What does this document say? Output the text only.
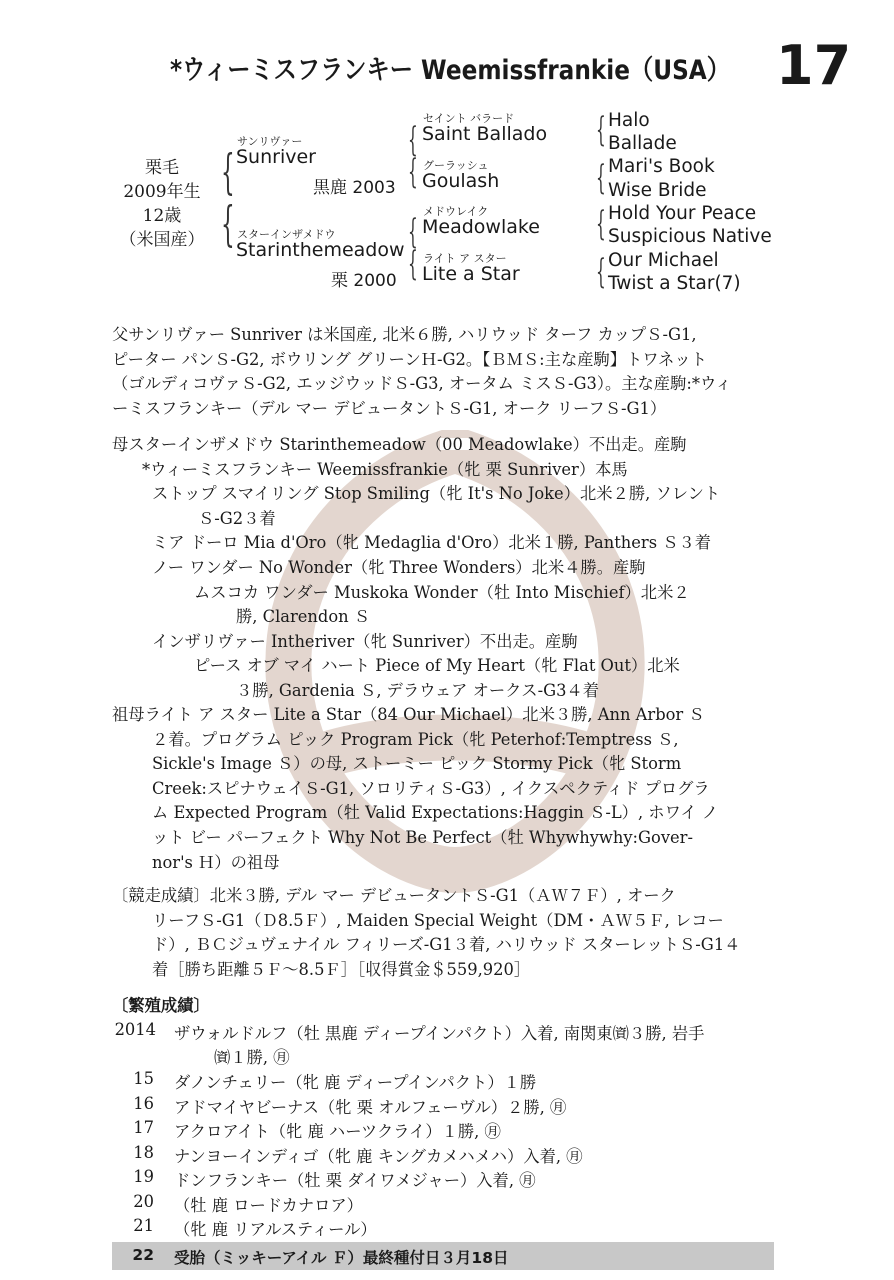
*ウィーミスフランキー Weemissfrankie（USA） 17
栗毛
2009年生
12歳
（米国産）
{
{
{
{
{
{
{
{
{
{
サンリヴァー
Sunriver
黒鹿 2003
スターインザメドウ
Starinthemeadow
栗 2000
セイント バラード
Saint Ballado
グーラッシュ
Goulash
メドウレイク
Meadowlake
ライト ア スター
Lite a Star
Halo
Ballade
Mari's Book
Wise Bride
Hold Your Peace
Suspicious Native
Our Michael
Twist a Star(7)

父サンリヴァー Sunriver は米国産, 北米６勝, ハリウッド ターフ カップＳ-G1,

ピーター パンＳ-G2, ボウリング グリーンＨ-G2。【ＢＭＳ:主な産駒】トワネット

（ゴルディコヴァＳ-G2, エッジウッドＳ-G3, オータム ミスＳ-G3）。主な産駒:*ウィ

ーミスフランキー（デル マー デビュータントＳ-G1, オーク リーフＳ-G1）

母スターインザメドウ Starinthemeadow（00 Meadowlake）不出走。産駒

*ウィーミスフランキー Weemissfrankie（牝 栗 Sunriver）本馬

ストップ スマイリング Stop Smiling（牝 It's No Joke）北米２勝, ソレント

Ｓ-G2３着

ミア ドーロ Mia d'Oro（牝 Medaglia d'Oro）北米１勝, Panthers Ｓ３着

ノー ワンダー No Wonder（牝 Three Wonders）北米４勝。産駒

ムスコカ ワンダー Muskoka Wonder（牡 Into Mischief）北米２

勝, Clarendon Ｓ

インザリヴァー Intheriver（牝 Sunriver）不出走。産駒

ピース オブ マイ ハート Piece of My Heart（牝 Flat Out）北米

３勝, Gardenia Ｓ, デラウェア オークス-G3４着

祖母ライト ア スター Lite a Star（84 Our Michael）北米３勝, Ann Arbor Ｓ

２着。プログラム ピック Program Pick（牝 Peterhof:Temptress Ｓ,

Sickle's Image Ｓ）の母, ストーミー ピック Stormy Pick（牝 Storm

Creek:スピナウェイＳ-G1, ソロリティＳ-G3）, イクスペクティド プログラ

ム Expected Program（牡 Valid Expectations:Haggin Ｓ-L）, ホワイ ノ

ット ビー パーフェクト Why Not Be Perfect（牡 Whywhywhy:Gover-

nor's Ｈ）の祖母

〔競走成績〕北米３勝, デル マー デビュータントＳ-G1（ＡＷ７Ｆ）, オーク

リーフＳ-G1（Ｄ8.5Ｆ）, Maiden Special Weight（DM・ＡＷ５Ｆ, レコー

ド）, ＢＣジュヴェナイル フィリーズ-G1３着, ハリウッド スターレットＳ-G1４

着［勝ち距離５Ｆ～8.5Ｆ］［収得賞金＄559,920］

〔繁殖成績〕
2014 ザウォルドルフ（牡 黒鹿 ディープインパクト）入着, 南関東㈾３勝, 岩手
㈾１勝, ㊊
15 ダノンチェリー（牝 鹿 ディープインパクト）１勝
16 アドマイヤビーナス（牝 栗 オルフェーヴル）２勝, ㊊
17 アクロアイト（牝 鹿 ハーツクライ）１勝, ㊊
18 ナンヨーインディゴ（牝 鹿 キングカメハメハ）入着, ㊊
19 ドンフランキー（牡 栗 ダイワメジャー）入着, ㊊
20 （牡 鹿 ロードカナロア）
21 （牝 鹿 リアルスティール）
22 受胎（ミッキーアイル Ｆ）最終種付日３月18日
